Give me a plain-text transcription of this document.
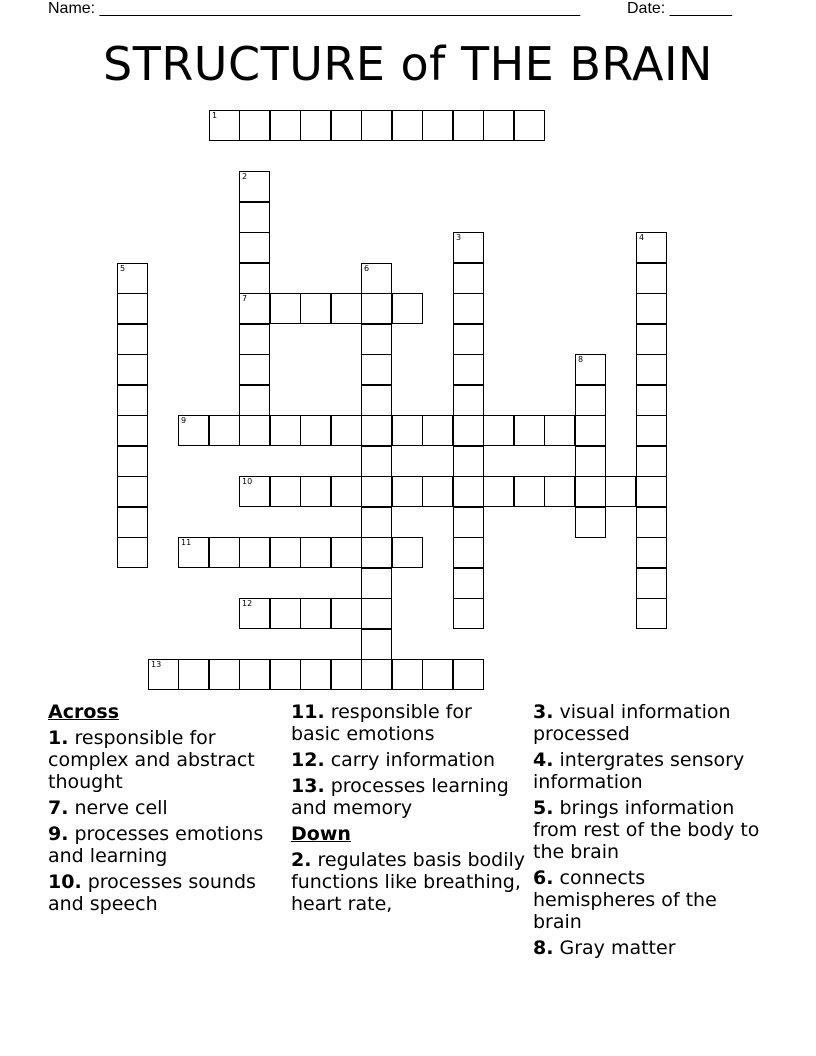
Name: ______________________________________________________	Date: _______
STRUCTURE of THE BRAIN
1
2
7
3	4
5	6
8
9
10
11
12
13
Across
1. responsible for complex and abstract thought
7. nerve cell
9. processes emotions and learning
10. processes sounds and speech
11. responsible for basic emotions
12. carry information
13. processes learning and memory
Down
2. regulates basis bodily functions like breathing, heart rate,
3. visual information processed
4. intergrates sensory information
5. brings information from rest of the body to the brain
6. connects hemispheres of the brain
8. Gray matter
